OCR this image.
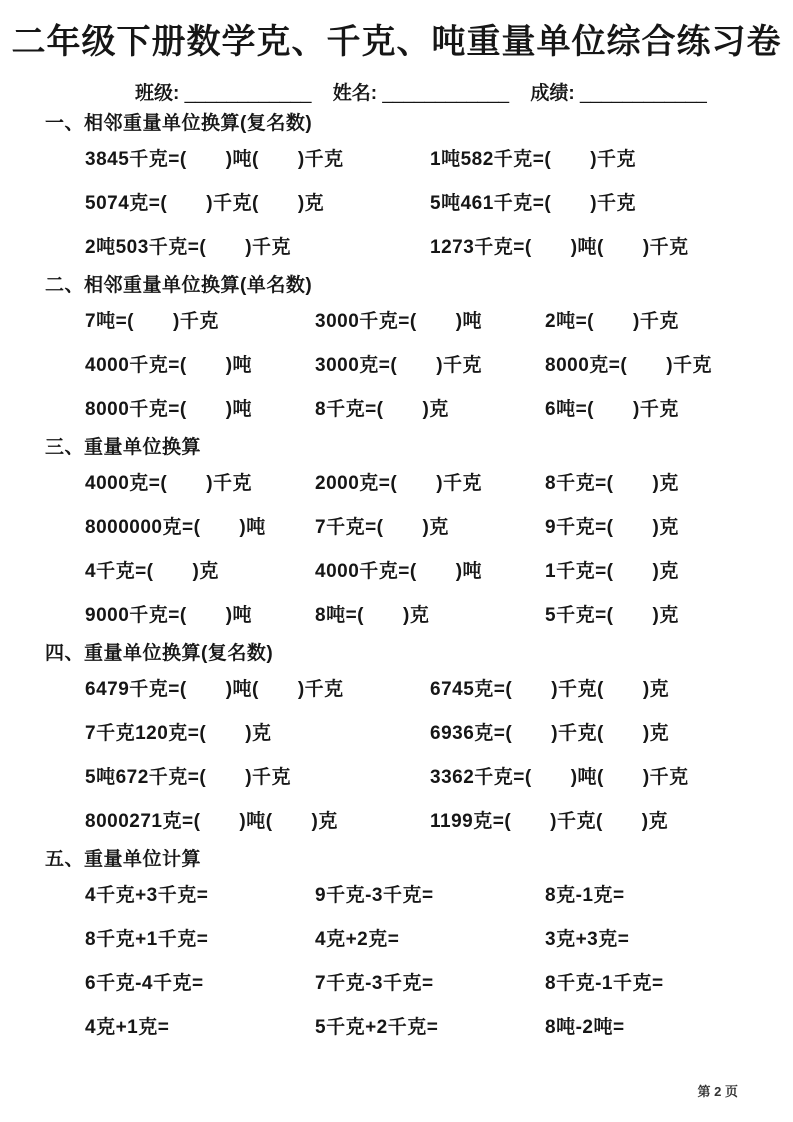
二年级下册数学克、千克、吨重量单位综合练习卷
班级: ____________ 姓名: ____________ 成绩: ____________
一、相邻重量单位换算(复名数)
3845千克=(　　)吨(　　)千克	1吨582千克=(　　)千克
5074克=(　　)千克(　　)克	5吨461千克=(　　)千克
2吨503千克=(　　)千克	1273千克=(　　)吨(　　)千克
二、相邻重量单位换算(单名数)
7吨=(　　)千克	3000千克=(　　)吨	2吨=(　　)千克
4000千克=(　　)吨	3000克=(　　)千克	8000克=(　　)千克
8000千克=(　　)吨	8千克=(　　)克	6吨=(　　)千克
三、重量单位换算
4000克=(　　)千克	2000克=(　　)千克	8千克=(　　)克
8000000克=(　　)吨	7千克=(　　)克	9千克=(　　)克
4千克=(　　)克	4000千克=(　　)吨	1千克=(　　)克
9000千克=(　　)吨	8吨=(　　)克	5千克=(　　)克
四、重量单位换算(复名数)
6479千克=(　　)吨(　　)千克	6745克=(　　)千克(　　)克
7千克120克=(　　)克	6936克=(　　)千克(　　)克
5吨672千克=(　　)千克	3362千克=(　　)吨(　　)千克
8000271克=(　　)吨(　　)克	1199克=(　　)千克(　　)克
五、重量单位计算
4千克+3千克=	9千克-3千克=	8克-1克=
8千克+1千克=	4克+2克=	3克+3克=
6千克-4千克=	7千克-3千克=	8千克-1千克=
4克+1克=	5千克+2千克=	8吨-2吨=
第 2 页
